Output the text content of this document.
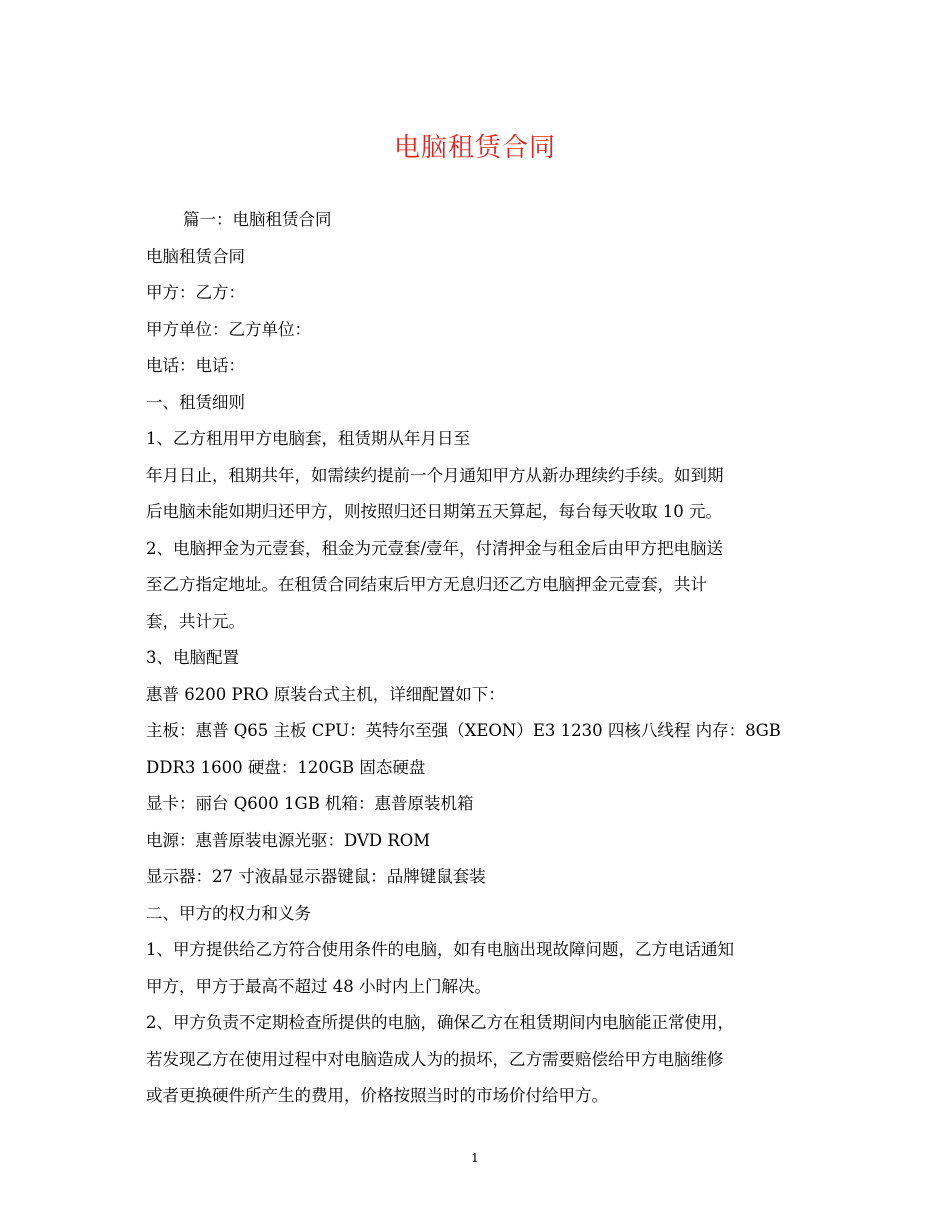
电脑租赁合同

篇一：电脑租赁合同

电脑租赁合同

甲方：乙方：

甲方单位：乙方单位：

电话：电话：

一、租赁细则

1、乙方租用甲方电脑套，租赁期从年月日至

年月日止，租期共年，如需续约提前一个月通知甲方从新办理续约手续。如到期

后电脑未能如期归还甲方，则按照归还日期第五天算起，每台每天收取 10 元。

2、电脑押金为元壹套，租金为元壹套/壹年，付清押金与租金后由甲方把电脑送

至乙方指定地址。在租赁合同结束后甲方无息归还乙方电脑押金元壹套，共计

套，共计元。

3、电脑配置

惠普 6200 PRO 原装台式主机，详细配置如下：

主板：惠普 Q65 主板 CPU：英特尔至强（XEON）E3 1230 四核八线程 内存：8GB

DDR3 1600 硬盘：120GB 固态硬盘

显卡：丽台 Q600 1GB 机箱：惠普原装机箱

电源：惠普原装电源光驱：DVD ROM

显示器：27 寸液晶显示器键鼠：品牌键鼠套装

二、甲方的权力和义务

1、甲方提供给乙方符合使用条件的电脑，如有电脑出现故障问题，乙方电话通知

甲方，甲方于最高不超过 48 小时内上门解决。

2、甲方负责不定期检查所提供的电脑，确保乙方在租赁期间内电脑能正常使用，

若发现乙方在使用过程中对电脑造成人为的损坏，乙方需要赔偿给甲方电脑维修

或者更换硬件所产生的费用，价格按照当时的市场价付给甲方。

1
